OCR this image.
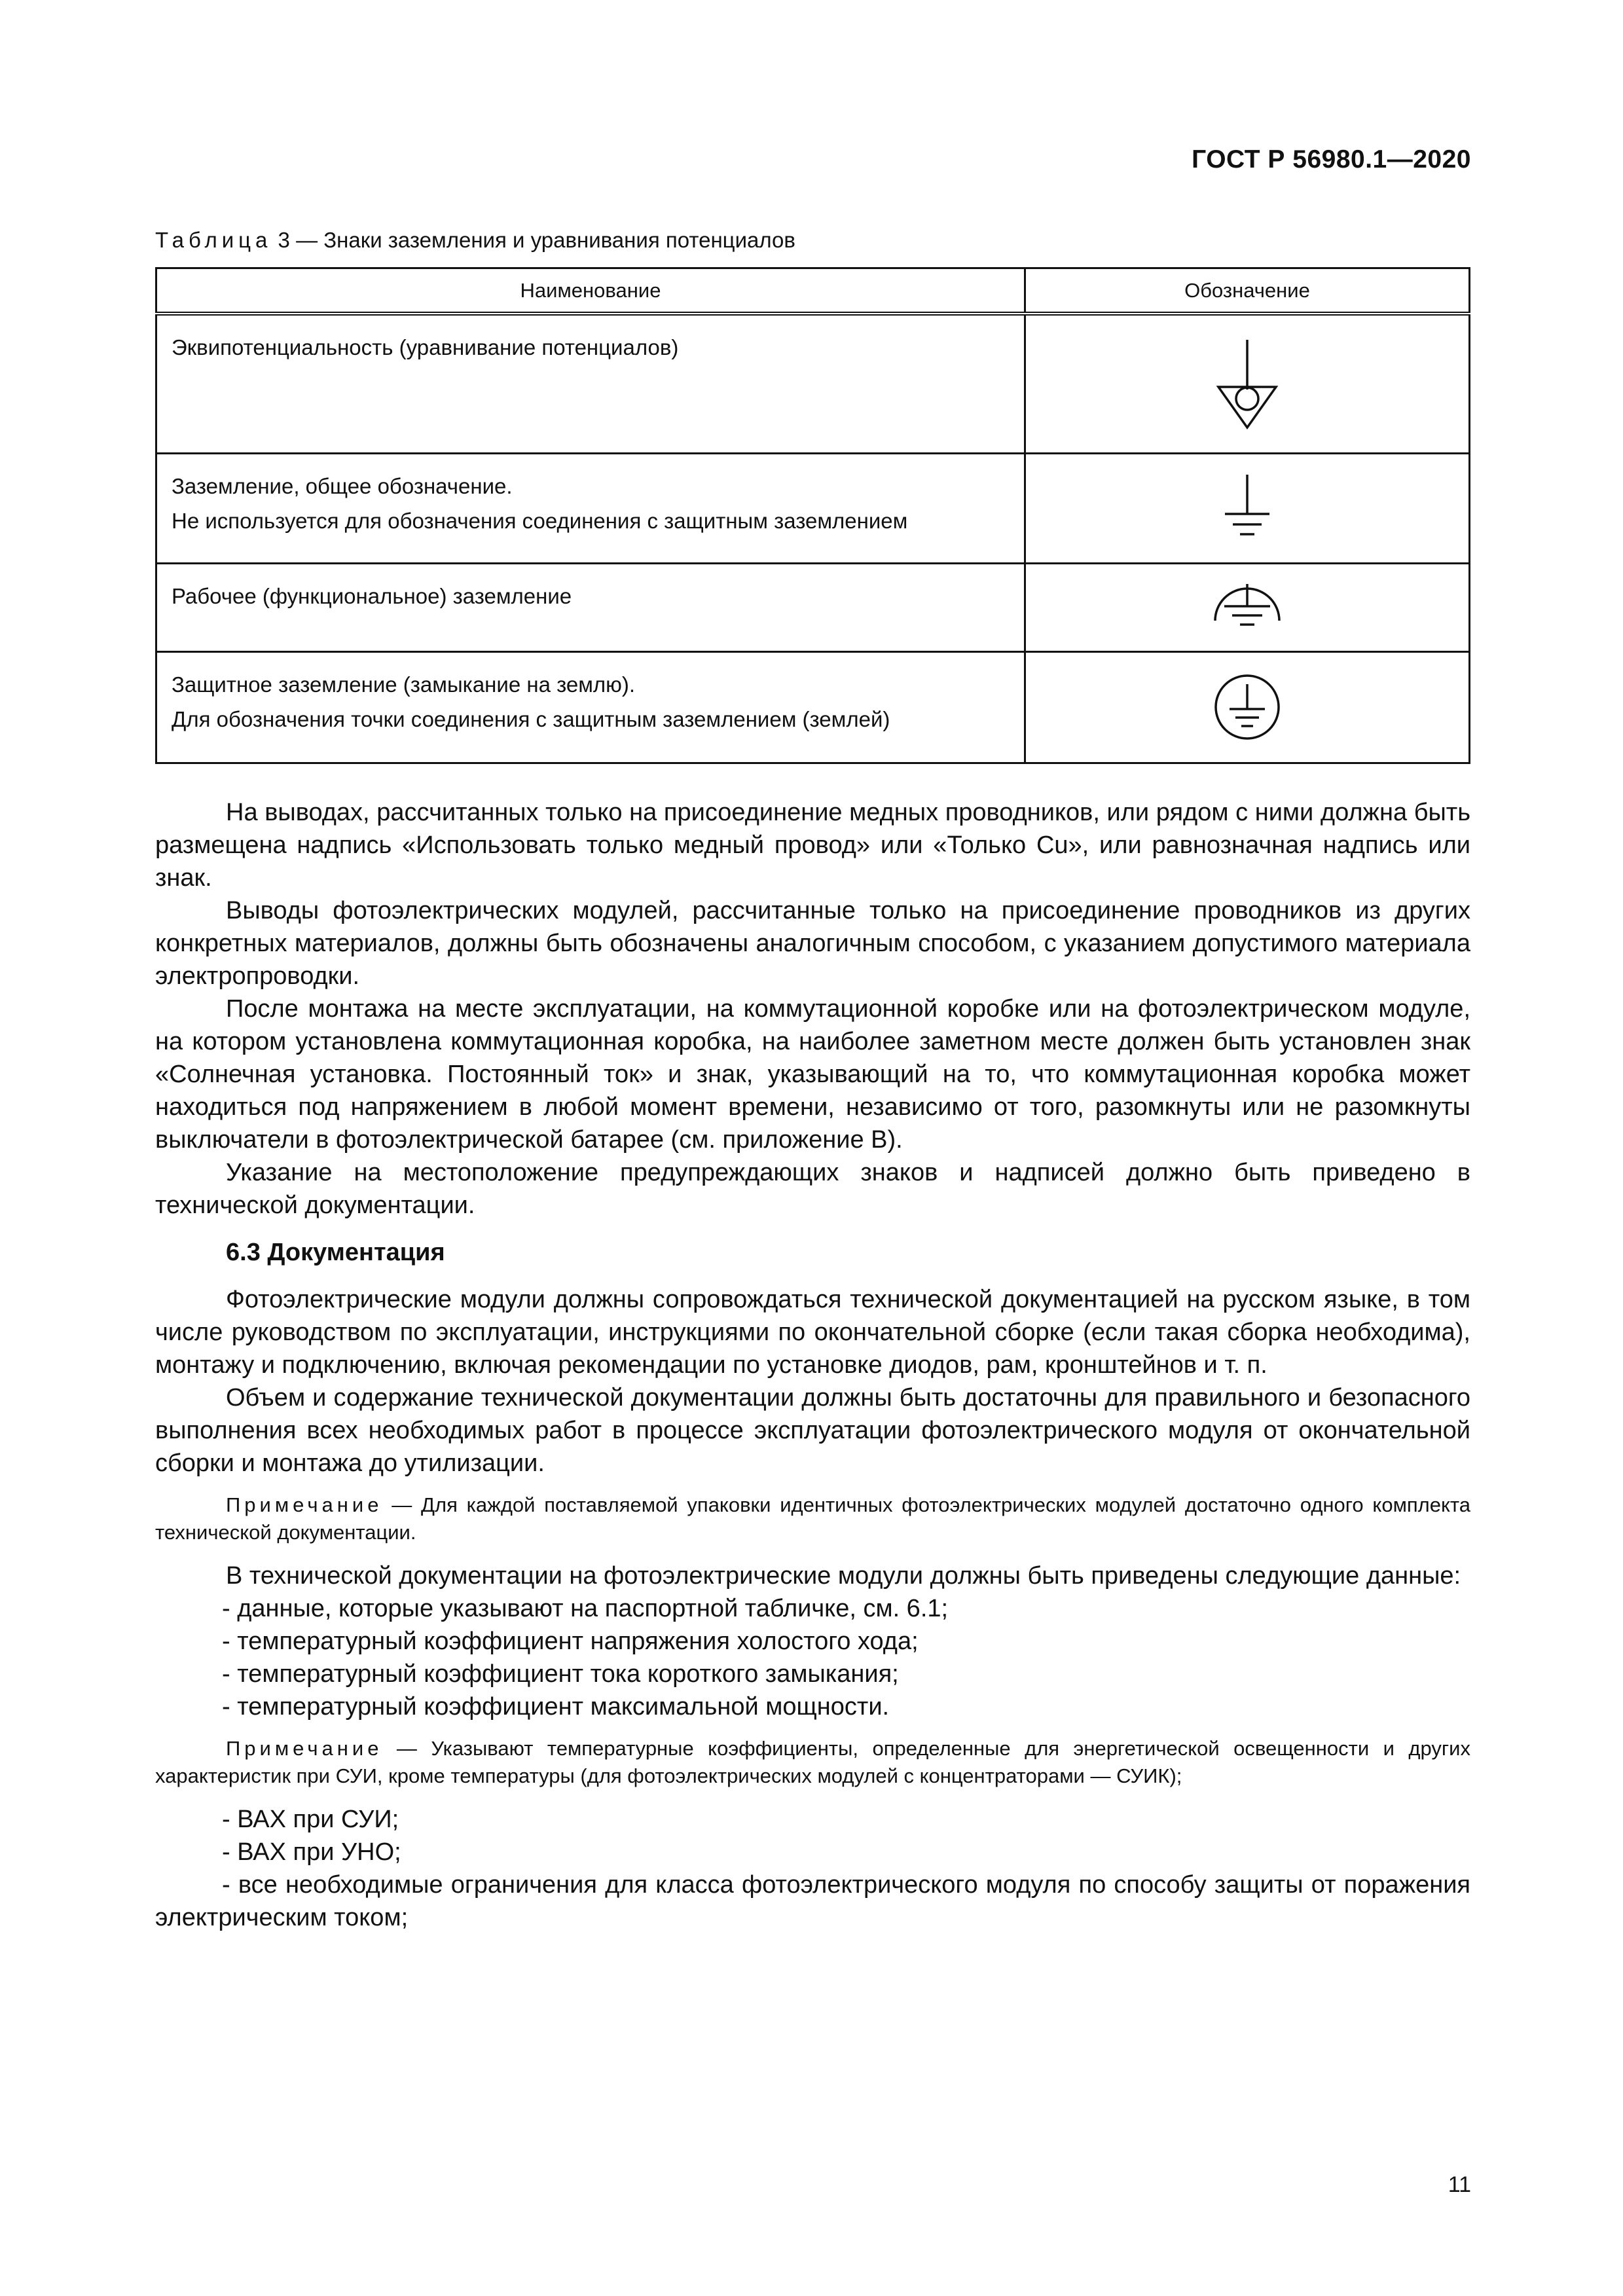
ГОСТ Р 56980.1—2020
Таблица 3 — Знаки заземления и уравнивания потенциалов
Наименование	Обозначение

Эквипотенциальность (уравнивание потенциалов)

Заземление, общее обозначение.
Не используется для обозначения соединения с защитным заземлением

Рабочее (функциональное) заземление

Защитное заземление (замыкание на землю).
Для обозначения точки соединения с защитным заземлением (землей)

На выводах, рассчитанных только на присоединение медных проводников, или рядом с ними должна быть размещена надпись «Использовать только медный провод» или «Только Cu», или равнозначная надпись или знак.

Выводы фотоэлектрических модулей, рассчитанные только на присоединение проводников из других конкретных материалов, должны быть обозначены аналогичным способом, с указанием допустимого материала электропроводки.

После монтажа на месте эксплуатации, на коммутационной коробке или на фотоэлектрическом модуле, на котором установлена коммутационная коробка, на наиболее заметном месте должен быть установлен знак «Солнечная установка. Постоянный ток» и знак, указывающий на то, что коммутационная коробка может находиться под напряжением в любой момент времени, независимо от того, разомкнуты или не разомкнуты выключатели в фотоэлектрической батарее (см. приложение В).

Указание на местоположение предупреждающих знаков и надписей должно быть приведено в технической документации.

6.3 Документация

Фотоэлектрические модули должны сопровождаться технической документацией на русском языке, в том числе руководством по эксплуатации, инструкциями по окончательной сборке (если такая сборка необходима), монтажу и подключению, включая рекомендации по установке диодов, рам, кронштейнов и т. п.

Объем и содержание технической документации должны быть достаточны для правильного и безопасного выполнения всех необходимых работ в процессе эксплуатации фотоэлектрического модуля от окончательной сборки и монтажа до утилизации.

Примечание — Для каждой поставляемой упаковки идентичных фотоэлектрических модулей достаточно одного комплекта технической документации.

В технической документации на фотоэлектрические модули должны быть приведены следующие данные:

- данные, которые указывают на паспортной табличке, см. 6.1;

- температурный коэффициент напряжения холостого хода;

- температурный коэффициент тока короткого замыкания;

- температурный коэффициент максимальной мощности.

Примечание — Указывают температурные коэффициенты, определенные для энергетической освещенности и других характеристик при СУИ, кроме температуры (для фотоэлектрических модулей с концентраторами — СУИК);

- ВАХ при СУИ;

- ВАХ при УНО;

- все необходимые ограничения для класса фотоэлектрического модуля по способу защиты от поражения электрическим током;

11
